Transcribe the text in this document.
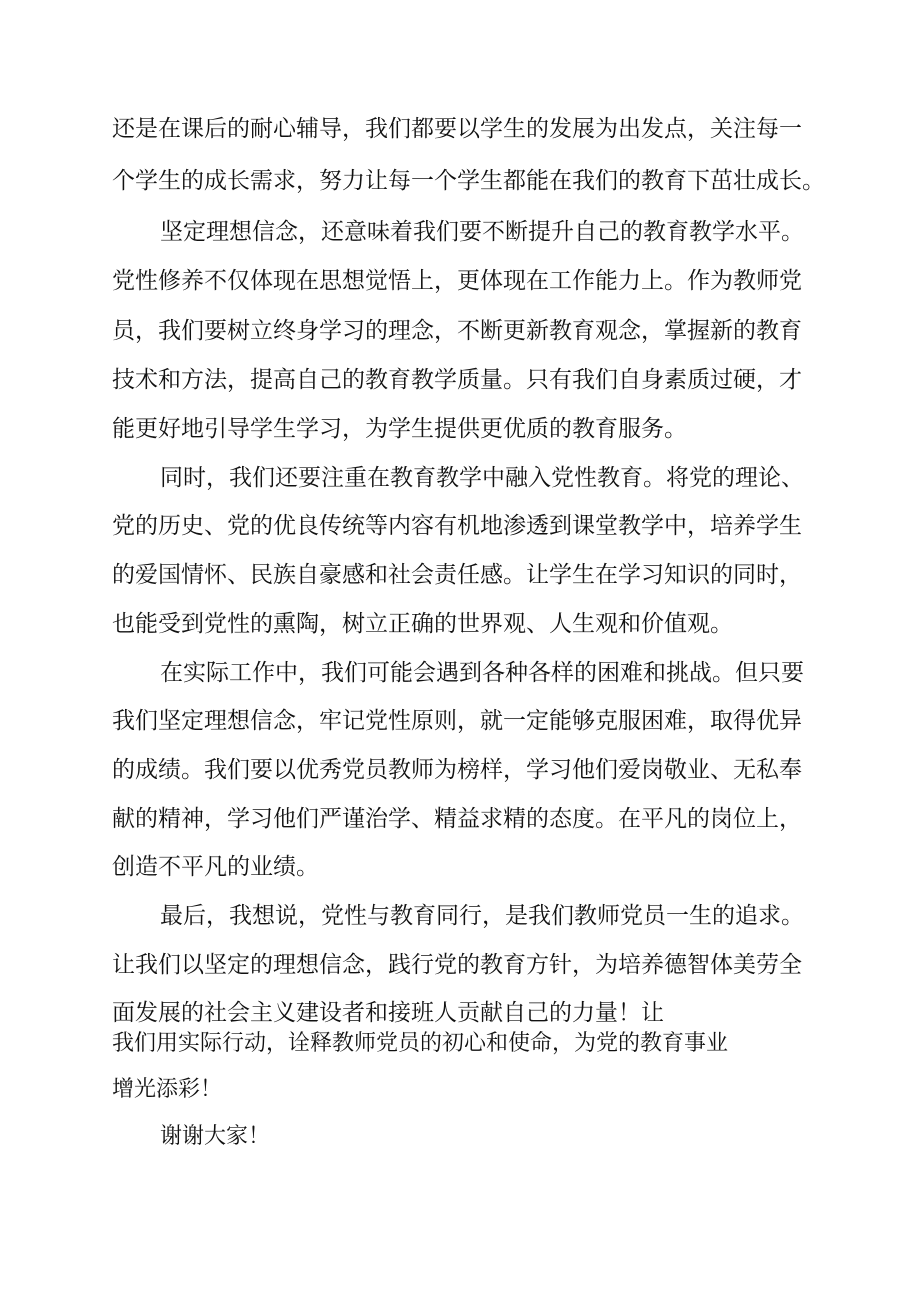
还是在课后的耐心辅导，我们都要以学生的发展为出发点，关注每一

个学生的成长需求，努力让每一个学生都能在我们的教育下茁壮成长。

坚定理想信念，还意味着我们要不断提升自己的教育教学水平。

党性修养不仅体现在思想觉悟上，更体现在工作能力上。作为教师党

员，我们要树立终身学习的理念，不断更新教育观念，掌握新的教育

技术和方法，提高自己的教育教学质量。只有我们自身素质过硬，才

能更好地引导学生学习，为学生提供更优质的教育服务。

同时，我们还要注重在教育教学中融入党性教育。将党的理论、

党的历史、党的优良传统等内容有机地渗透到课堂教学中，培养学生

的爱国情怀、民族自豪感和社会责任感。让学生在学习知识的同时，

也能受到党性的熏陶，树立正确的世界观、人生观和价值观。

在实际工作中，我们可能会遇到各种各样的困难和挑战。但只要

我们坚定理想信念，牢记党性原则，就一定能够克服困难，取得优异

的成绩。我们要以优秀党员教师为榜样，学习他们爱岗敬业、无私奉

献的精神，学习他们严谨治学、精益求精的态度。在平凡的岗位上，

创造不平凡的业绩。

最后，我想说，党性与教育同行，是我们教师党员一生的追求。

让我们以坚定的理想信念，践行党的教育方针，为培养德智体美劳全

面发展的社会主义建设者和接班人贡献自己的力量！让

我们用实际行动，诠释教师党员的初心和使命，为党的教育事业

增光添彩！

谢谢大家！
